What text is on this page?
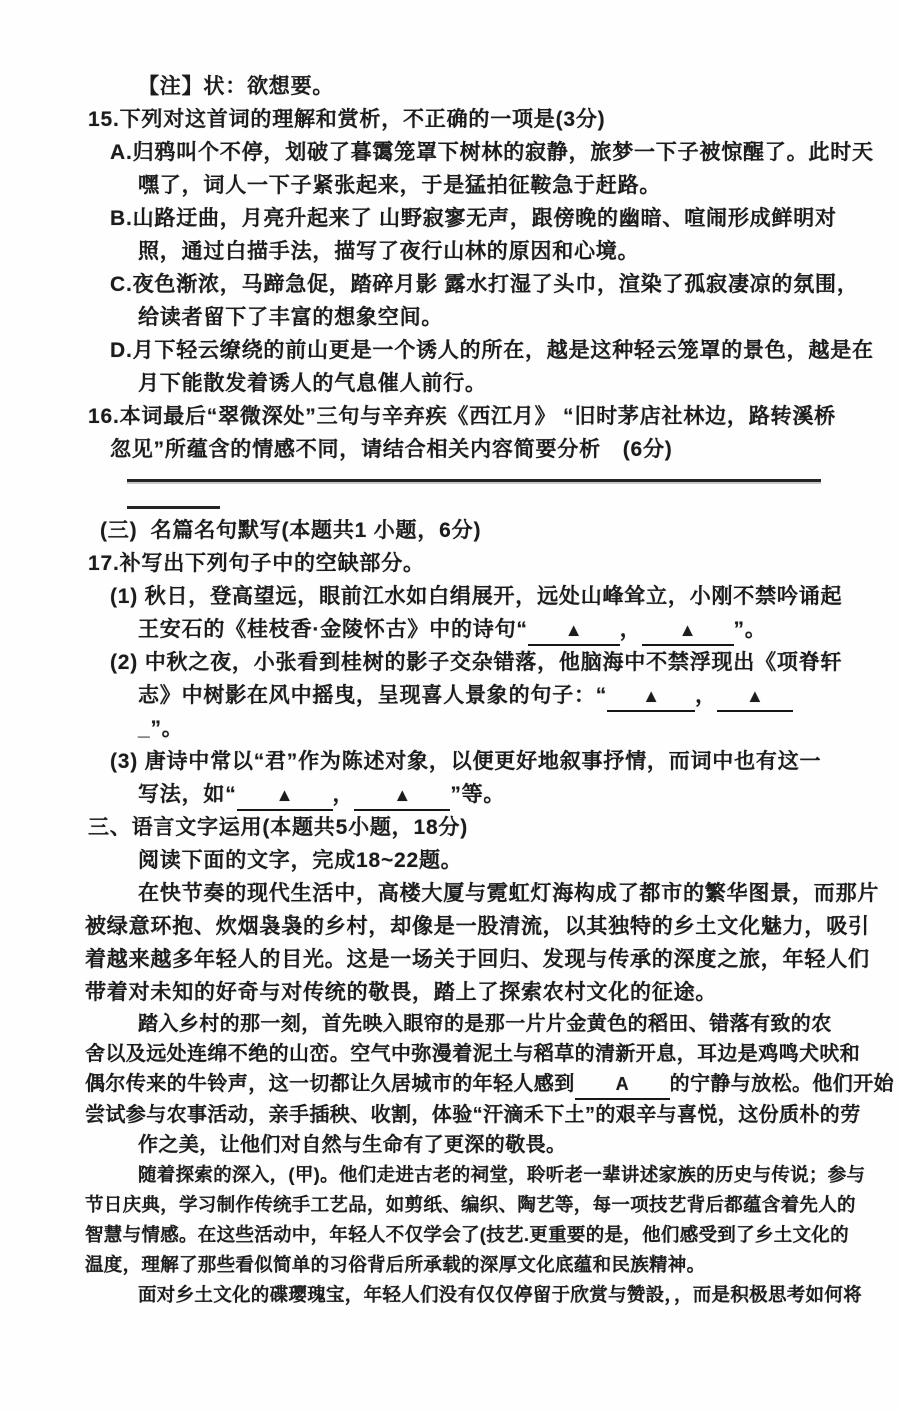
【注】状：欲想要。
15.下列对这首词的理解和赏析，不正确的一项是(3分)
A.归鸦叫个不停，划破了暮霭笼罩下树林的寂静，旅梦一下子被惊醒了。此时天
嘿了，词人一下子紧张起来，于是猛拍征鞍急于赶路。
B.山路迂曲，月亮升起来了 山野寂寥无声，跟傍晚的幽暗、喧闹形成鲜明对
照，通过白描手法，描写了夜行山林的原因和心境。
C.夜色渐浓，马蹄急促，踏碎月影 露水打湿了头巾，渲染了孤寂凄凉的氛围，
给读者留下了丰富的想象空间。
D.月下轻云缭绕的前山更是一个诱人的所在，越是这种轻云笼罩的景色，越是在
月下能散发着诱人的气息催人前行。
16.本词最后“翠微深处”三句与辛弃疾《西江月》 “旧时茅店社林边，路转溪桥
忽见”所蕴含的情感不同，请结合相关内容简要分析　(6分)
(三)  名篇名句默写(本题共1 小题，6分)
17.补写出下列句子中的空缺部分。
(1) 秋日，登高望远，眼前江水如白绢展开，远处山峰耸立，小刚不禁吟诵起
王安石的《桂枝香·金陵怀古》中的诗句“ ▲ ， ▲ ”。
(2) 中秋之夜，小张看到桂树的影子交杂错落，他脑海中不禁浮现出《项脊轩
志》中树影在风中摇曳，呈现喜人景象的句子：“ ▲ ， ▲
_”。
(3) 唐诗中常以“君”作为陈述对象，以便更好地叙事抒情，而词中也有这一
写法，如“ ▲ ， ▲ ”等。
三、语言文字运用(本题共5小题，18分)
阅读下面的文字，完成18~22题。
在快节奏的现代生活中，高楼大厦与霓虹灯海构成了都市的繁华图景，而那片
被绿意环抱、炊烟袅袅的乡村，却像是一股清流，以其独特的乡土文化魅力，吸引
着越来越多年轻人的目光。这是一场关于回归、发现与传承的深度之旅，年轻人们
带着对未知的好奇与对传统的敬畏，踏上了探索农村文化的征途。
踏入乡村的那一刻，首先映入眼帘的是那一片片金黄色的稻田、错落有致的农
舍以及远处连绵不绝的山峦。空气中弥漫着泥土与稻草的清新开息，耳边是鸡鸣犬吠和
偶尔传来的牛铃声，这一切都让久居城市的年轻人感到 A 的宁静与放松。他们开始
尝试参与农事活动，亲手插秧、收割，体验“汗滴禾下土”的艰辛与喜悦，这份质朴的劳
作之美，让他们对自然与生命有了更深的敬畏。
随着探索的深入，(甲)。他们走进古老的祠堂，聆听老一辈讲述家族的历史与传说；参与
节日庆典，学习制作传统手工艺品，如剪纸、编织、陶艺等，每一项技艺背后都蕴含着先人的
智慧与情感。在这些活动中，年轻人不仅学会了(技艺.更重要的是，他们感受到了乡土文化的
温度，理解了那些看似简单的习俗背后所承载的深厚文化底蕴和民族精神。
面对乡土文化的碟璎瑰宝，年轻人们没有仅仅停留于欣赏与赞設，，而是积极思考如何将
